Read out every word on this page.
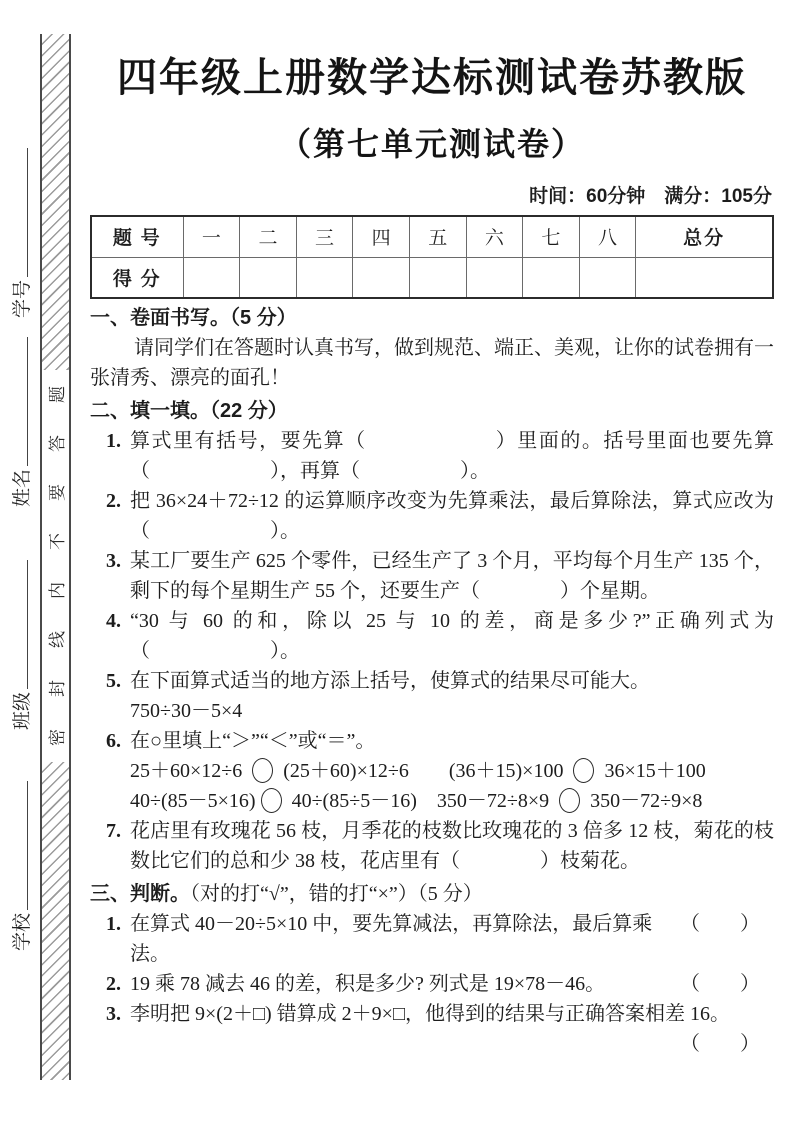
学号
姓名
班级
学校
题
答
要
不
内
线
封
密
四年级上册数学达标测试卷苏教版
（第七单元测试卷）
时间：60分钟　满分：105分
题 号	一	二	三	四	五	六	七	八	总分
得 分									
一、卷面书写。（5 分）
请同学们在答题时认真书写，做到规范、端正、美观，让你的试卷拥有一张清秀、漂亮的面孔！
二、填一填。（22 分）
1. 算式里有括号，要先算（　　　　　　）里面的。括号里面也要先算（　　　　　　），再算（　　　　　）。
2. 把 36×24＋72÷12 的运算顺序改变为先算乘法，最后算除法，算式应改为（　　　　　　）。
3. 某工厂要生产 625 个零件，已经生产了 3 个月，平均每个月生产 135 个，剩下的每个星期生产 55 个，还要生产（　　　　）个星期。
4. “30 与 60 的和，除以 25 与 10 的差，商是多少?”正确列式为（　　　　　　）。
5. 在下面算式适当的地方添上括号，使算式的结果尽可能大。
750÷30－5×4
6. 在○里填上“＞”“＜”或“＝”。
25＋60×12÷6  (25＋60)×12÷6　　(36＋15)×100  36×15＋100
40÷(85－5×16) 40÷(85÷5－16)　350－72÷8×9  350－72÷9×8
7. 花店里有玫瑰花 56 枝，月季花的枝数比玫瑰花的 3 倍多 12 枝，菊花的枝数比它们的总和少 38 枝，花店里有（　　　　）枝菊花。
三、判断。（对的打“√”，错的打“×”）（5 分）
1. 在算式 40－20÷5×10 中，要先算减法，再算除法，最后算乘法。
（　　）
2. 19 乘 78 减去 46 的差，积是多少? 列式是 19×78－46。	（　　）
3. 李明把 9×(2＋□) 错算成 2＋9×□，他得到的结果与正确答案相差 16。
（　　）
